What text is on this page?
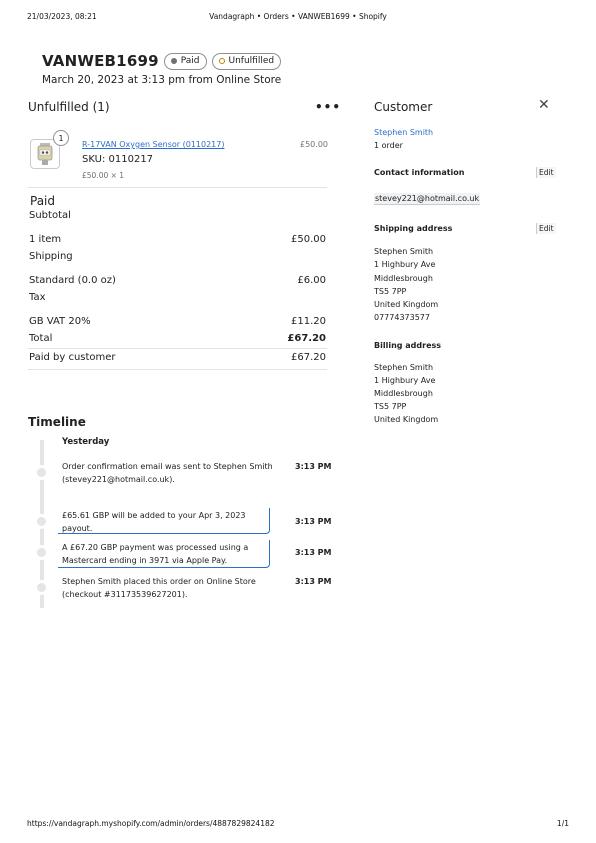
21/03/2023, 08:21	Vandagraph • Orders • VANWEB1699 • Shopify
VANWEB1699 Paid	Unfulfilled
March 20, 2023 at 3:13 pm from Online Store
Unfulfilled (1)	•••
1
R-17VAN Oxygen Sensor (0110217)
SKU: 0110217
£50.00 × 1
£50.00
Paid
Subtotal
1 item	£50.00
Shipping
Standard (0.0 oz)	£6.00
Tax
GB VAT 20%	£11.20
Total	£67.20
Paid by customer	£67.20
Timeline
Yesterday
Order confirmation email was sent to Stephen Smith (stevey221@hotmail.co.uk).
3:13 PM
£65.61 GBP will be added to your Apr 3, 2023 payout.
3:13 PM
A £67.20 GBP payment was processed using a Mastercard ending in 3971 via Apple Pay.
3:13 PM
Stephen Smith placed this order on Online Store (checkout #31173539627201).
3:13 PM
Customer	✕
Stephen Smith
1 order
Contact information	Edit
stevey221@hotmail.co.uk
Shipping address	Edit
Stephen Smith
1 Highbury Ave
Middlesbrough
TS5 7PP
United Kingdom
07774373577
Billing address
Stephen Smith
1 Highbury Ave
Middlesbrough
TS5 7PP
United Kingdom
https://vandagraph.myshopify.com/admin/orders/4887829824182	1/1
